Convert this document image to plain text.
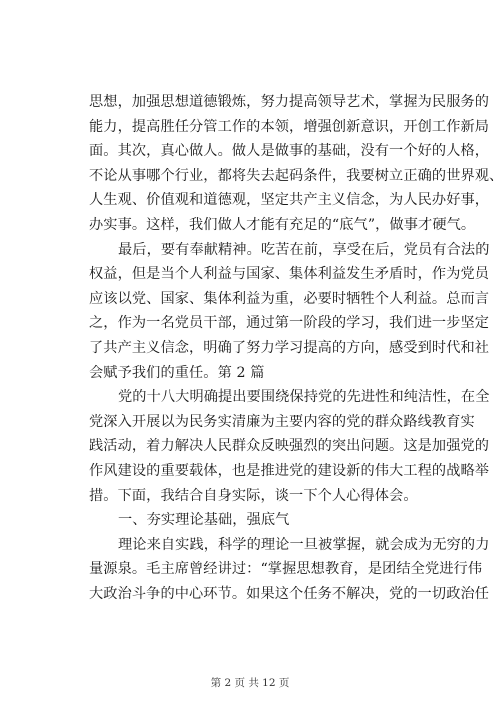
思想，加强思想道德锻炼，努力提高领导艺术，掌握为民服务的
能力，提高胜任分管工作的本领，增强创新意识，开创工作新局
面。其次，真心做人。做人是做事的基础，没有一个好的人格，
不论从事哪个行业，都将失去起码条件，我要树立正确的世界观、
人生观、价值观和道德观，坚定共产主义信念，为人民办好事，
办实事。这样，我们做人才能有充足的“底气”，做事才硬气。
最后，要有奉献精神。吃苦在前，享受在后，党员有合法的
权益，但是当个人利益与国家、集体利益发生矛盾时，作为党员
应该以党、国家、集体利益为重，必要时牺牲个人利益。总而言
之，作为一名党员干部，通过第一阶段的学习，我们进一步坚定
了共产主义信念，明确了努力学习提高的方向，感受到时代和社
会赋予我们的重任。第 2 篇
党的十八大明确提出要围绕保持党的先进性和纯洁性，在全
党深入开展以为民务实清廉为主要内容的党的群众路线教育实
践活动，着力解决人民群众反映强烈的突出问题。这是加强党的
作风建设的重要载体，也是推进党的建设新的伟大工程的战略举
措。下面，我结合自身实际，谈一下个人心得体会。
一、夯实理论基础，强底气
理论来自实践，科学的理论一旦被掌握，就会成为无穷的力
量源泉。毛主席曾经讲过：“掌握思想教育，是团结全党进行伟
大政治斗争的中心环节。如果这个任务不解决，党的一切政治任
第 2 页 共 12 页
